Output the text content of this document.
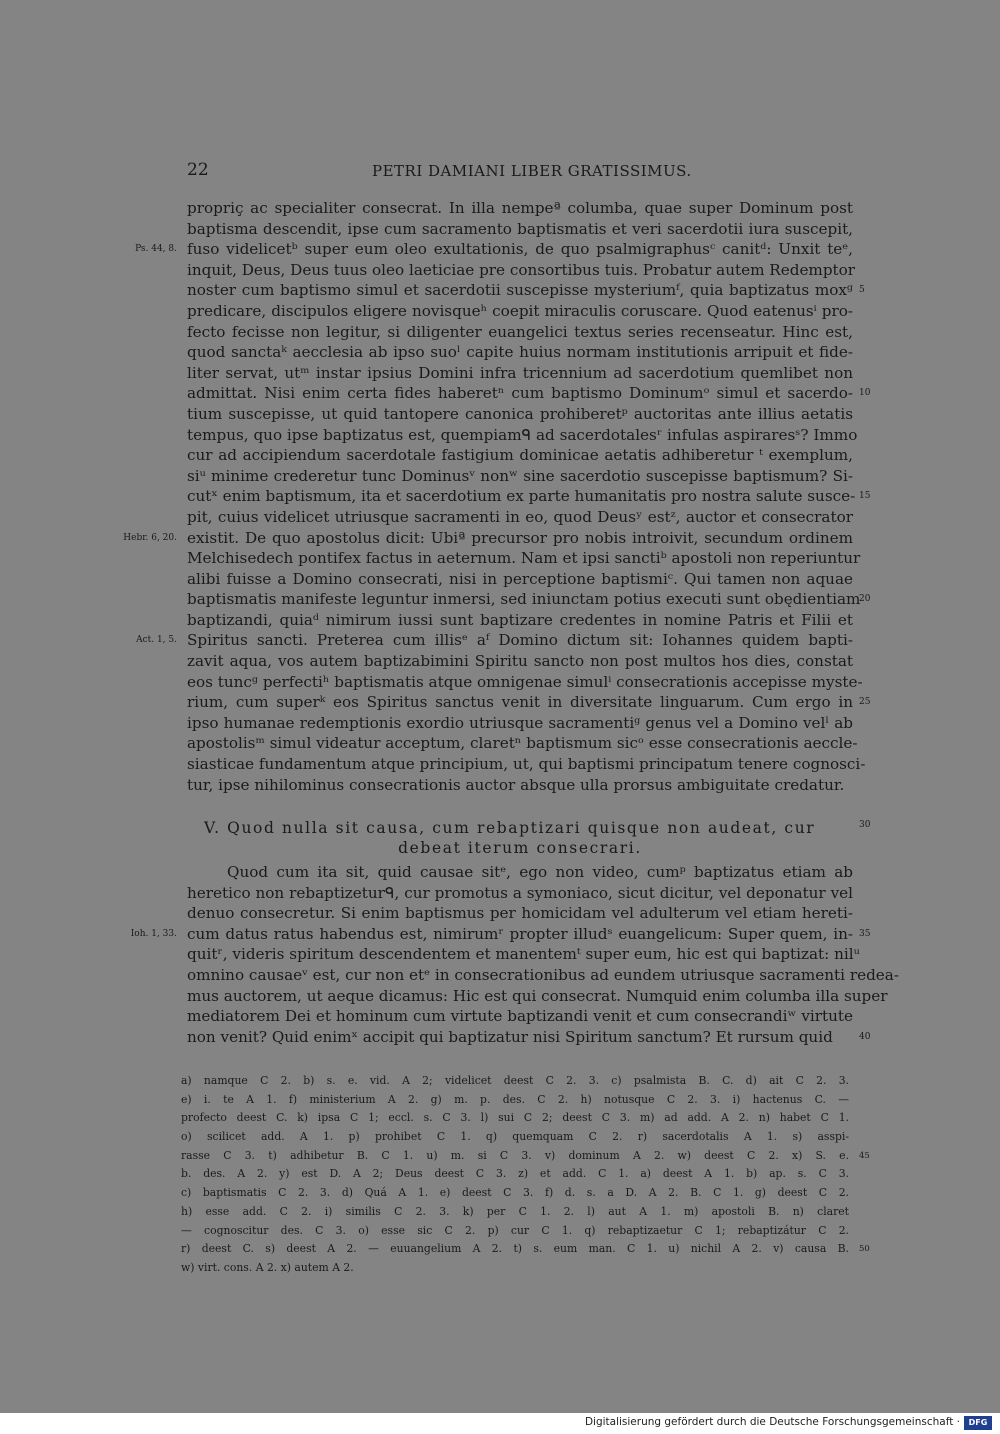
22	PETRI DAMIANI LIBER GRATISSIMUS.
propriç ac specialiter consecrat. In illa nempeª columba, quae super Dominum post
baptisma descendit, ipse cum sacramento baptismatis et veri sacerdotii iura suscepit,
fuso videlicetᵇ super eum oleo exultationis, de quo psalmigraphusᶜ canitᵈ: Unxit teᵉ,
Ps. 44, 8.
inquit, Deus, Deus tuus oleo laeticiae pre consortibus tuis. Probatur autem Redemptor
noster cum baptismo simul et sacerdotii suscepisse mysteriumᶠ, quia baptizatus moxᵍ 5
predicare, discipulos eligere novisqueʰ coepit miraculis coruscare. Quod eatenusⁱ pro-
fecto fecisse non legitur, si diligenter euangelici textus series recenseatur. Hinc est,
quod sanctaᵏ aecclesia ab ipso suoˡ capite huius normam institutionis arripuit et fide-
liter servat, utᵐ instar ipsius Domini infra tricennium ad sacerdotium quemlibet non
admittat. Nisi enim certa fides haberetⁿ cum baptismo Dominumᵒ simul et sacerdo- 10
tium suscepisse, ut quid tantopere canonica prohiberetᵖ auctoritas ante illius aetatis
tempus, quo ipse baptizatus est, quempiamᑫ ad sacerdotalesʳ infulas aspiraresˢ? Immo
cur ad accipiendum sacerdotale fastigium dominicae aetatis adhiberetur ᵗ exemplum,
siᵘ minime crederetur tunc Dominusᵛ nonʷ sine sacerdotio suscepisse baptismum? Si-
cutˣ enim baptismum, ita et sacerdotium ex parte humanitatis pro nostra salute susce- 15
pit, cuius videlicet utriusque sacramenti in eo, quod Deusʸ estᶻ, auctor et consecrator
existit. De quo apostolus dicit: Ubiª precursor pro nobis introivit, secundum ordinem
Hebr. 6, 20.
Melchisedech pontifex factus in aeternum. Nam et ipsi sanctiᵇ apostoli non reperiuntur
alibi fuisse a Domino consecrati, nisi in perceptione baptismiᶜ. Qui tamen non aquae
baptismatis manifeste leguntur inmersi, sed iniunctam potius executi sunt obędientiam
20
baptizandi, quiaᵈ nimirum iussi sunt baptizare credentes in nomine Patris et Filii et
Spiritus sancti. Preterea cum illisᵉ aᶠ Domino dictum sit: Iohannes quidem bapti-
Act. 1, 5.
zavit aqua, vos autem baptizabimini Spiritu sancto non post multos hos dies, constat
eos tuncᵍ perfectiʰ baptismatis atque omnigenae simulⁱ consecrationis accepisse myste-
rium, cum superᵏ eos Spiritus sanctus venit in diversitate linguarum. Cum ergo in 25
ipso humanae redemptionis exordio utriusque sacramentiᵍ genus vel a Domino velˡ ab
apostolisᵐ simul videatur acceptum, claretⁿ baptismum sicᵒ esse consecrationis aeccle-
siasticae fundamentum atque principium, ut, qui baptismi principatum tenere cognosci-
tur, ipse nihilominus consecrationis auctor absque ulla prorsus ambiguitate credatur.
V. Quod nulla sit causa, cum rebaptizari quisque non audeat, cur
debeat iterum consecrari.
30
Quod cum ita sit, quid causae sitᵉ, ego non video, cumᵖ baptizatus etiam ab
heretico non rebaptizeturᑫ, cur promotus a symoniaco, sicut dicitur, vel deponatur vel
denuo consecretur. Si enim baptismus per homicidam vel adulterum vel etiam hereti-
cum datus ratus habendus est, nimirumʳ propter illudˢ euangelicum: Super quem, in-
Ioh. 1, 33.	35
quitʳ, videris spiritum descendentem et manentemᵗ super eum, hic est qui baptizat: nilᵘ
omnino causaeᵛ est, cur non etᵉ in consecrationibus ad eundem utriusque sacramenti redea-
mus auctorem, ut aeque dicamus: Hic est qui consecrat. Numquid enim columba illa super
mediatorem Dei et hominum cum virtute baptizandi venit et cum consecrandiʷ virtute
non venit? Quid enimˣ accipit qui baptizatur nisi Spiritum sanctum? Et rursum quid	40
a) namque C 2. b) s. e. vid. A 2; videlicet deest C 2. 3. c) psalmista B. C. d) ait C 2. 3.
e) i. te A 1. f) ministerium A 2. g) m. p. des. C 2. h) notusque C 2. 3. i) hactenus C. —
profecto deest C. k) ipsa C 1; eccl. s. C 3. l) sui C 2; deest C 3. m) ad add. A 2. n) habet C 1.
o) scilicet add. A 1. p) prohibet C 1. q) quemquam C 2. r) sacerdotalis A 1. s) asspi-
rasse C 3. t) adhibetur B. C 1. u) m. si C 3. v) dominum A 2. w) deest C 2. x) S. e. 45
b. des. A 2. y) est D. A 2; Deus deest C 3. z) et add. C 1. a) deest A 1. b) ap. s. C 3.
c) baptismatis C 2. 3. d) Quá A 1. e) deest C 3. f) d. s. a D. A 2. B. C 1. g) deest C 2.
h) esse add. C 2. i) similis C 2. 3. k) per C 1. 2. l) aut A 1. m) apostoli B. n) claret
— cognoscitur des. C 3. o) esse sic C 2. p) cur C 1. q) rebaptizaetur C 1; rebaptizátur C 2.
r) deest C. s) deest A 2. — euuangelium A 2. t) s. eum man. C 1. u) nichil A 2. v) causa B. 50
w) virt. cons. A 2. x) autem A 2.
Digitalisierung gefördert durch die Deutsche Forschungsgemeinschaft ·	DFG
